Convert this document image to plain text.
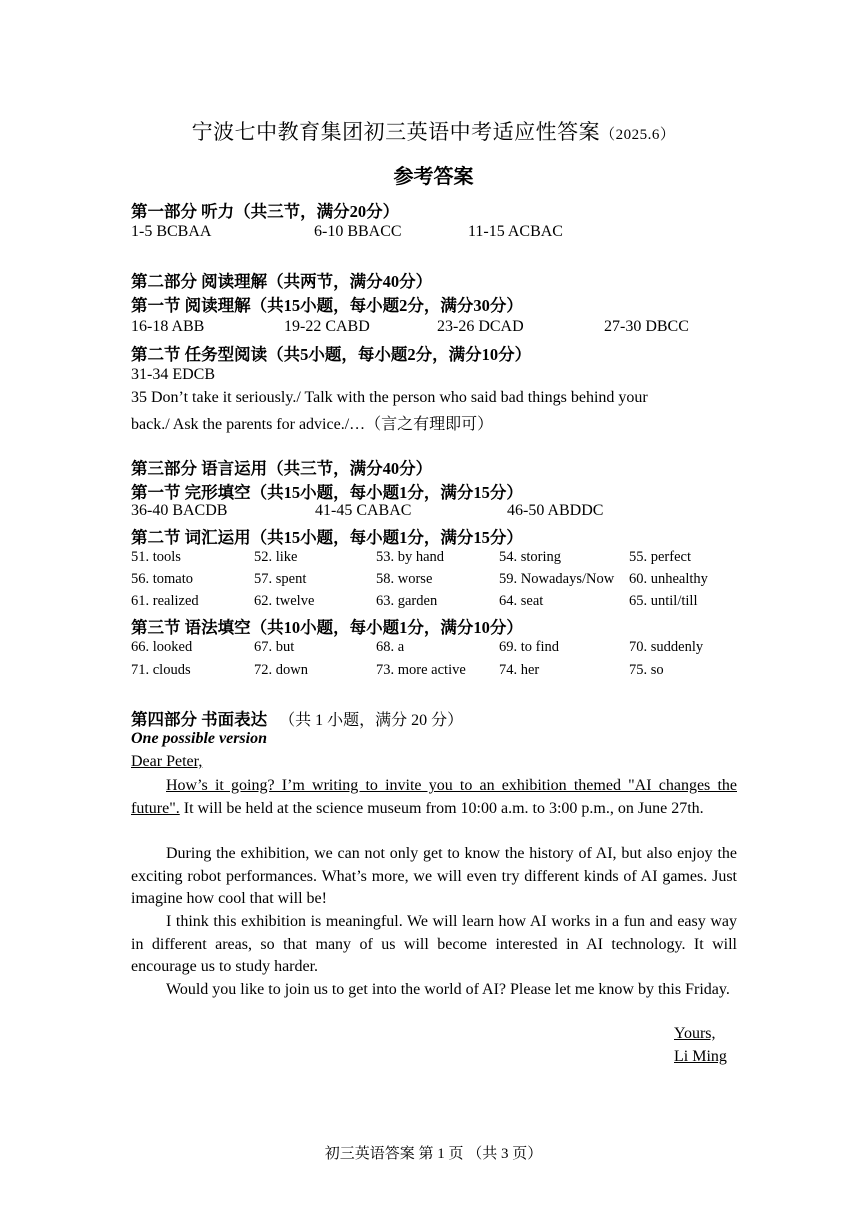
宁波七中教育集团初三英语中考适应性答案（2025.6）
参考答案
第一部分 听力（共三节，满分20分）
1-5 BCBAA	6-10 BBACC	11-15 ACBAC
第二部分 阅读理解（共两节，满分40分）
第一节 阅读理解（共15小题，每小题2分，满分30分）
16-18 ABB	19-22 CABD	23-26 DCAD	27-30 DBCC
第二节 任务型阅读（共5小题，每小题2分，满分10分）
31-34 EDCB
35 Don’t take it seriously./ Talk with the person who said bad things behind your
back./ Ask the parents for advice./…（言之有理即可）
第三部分 语言运用（共三节，满分40分）
第一节 完形填空（共15小题，每小题1分，满分15分）
36-40 BACDB	41-45 CABAC	46-50 ABDDC
第二节 词汇运用（共15小题，每小题1分，满分15分）
51. tools	52. like	53. by hand	54. storing	55. perfect
56. tomato	57. spent	58. worse	59. Nowadays/Now 60. unhealthy
61. realized	62. twelve	63. garden	64. seat	65. until/till
第三节 语法填空（共10小题，每小题1分，满分10分）
66. looked	67. but	68. a	69. to find	70. suddenly
71. clouds	72. down	73. more active 74. her	75. so
第四部分 书面表达 （共 1 小题，满分 20 分）
One possible version
Dear Peter,
How’s it going? I’m writing to invite you to an exhibition themed "AI changes the future". It will be held at the science museum from 10:00 a.m. to 3:00 p.m., on June 27th.
During the exhibition, we can not only get to know the history of AI, but also enjoy the exciting robot performances. What’s more, we will even try different kinds of AI games. Just imagine how cool that will be!
I think this exhibition is meaningful. We will learn how AI works in a fun and easy way in different areas, so that many of us will become interested in AI technology. It will encourage us to study harder.
Would you like to join us to get into the world of AI? Please let me know by this Friday.
Yours,
Li Ming
初三英语答案 第 1 页 （共 3 页）
